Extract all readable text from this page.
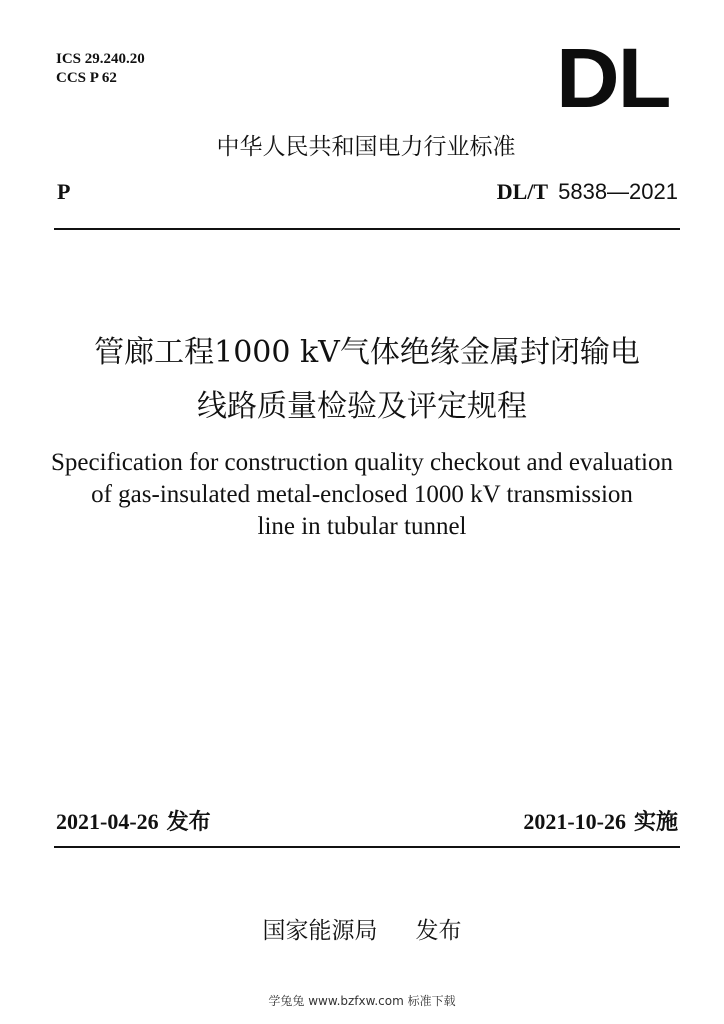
ICS 29.240.20
CCS P 62	DL
中华人民共和国电力行业标准
P	DL/T 5838—2021
管廊工程1000 kV气体绝缘金属封闭输电
线路质量检验及评定规程
Specification for construction quality checkout and evaluation
of gas-insulated metal-enclosed 1000 kV transmission
line in tubular tunnel
2021-04-26 发布	2021-10-26 实施
国家能源局 发布
学兔兔 www.bzfxw.com 标准下载
